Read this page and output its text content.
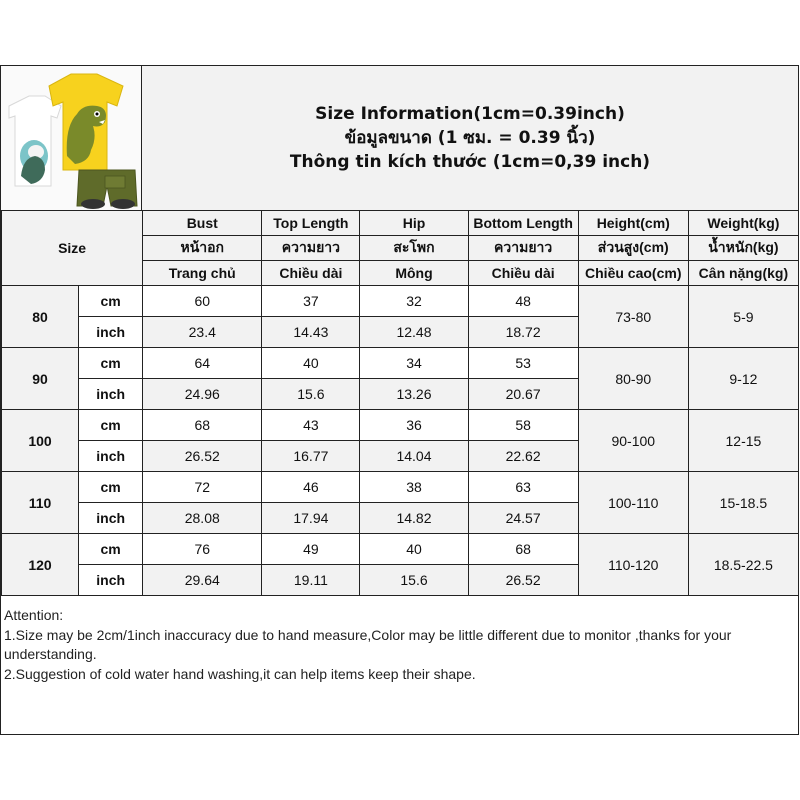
Size Information(1cm=0.39inch)
ข้อมูลขนาด (1 ซม. = 0.39 นิ้ว)
Thông tin kích thước (1cm=0,39 inch)
Size		Bust	Top Length	Hip	Bottom Length	Height(cm)	Weight(kg)
		หน้าอก	ความยาว	สะโพก	ความยาว	ส่วนสูง(cm)	น้ำหนัก(kg)
		Trang chủ	Chiều dài	Mông	Chiều dài	Chiều cao(cm)	Cân nặng(kg)
80	cm	60	37	32	48	73-80	5-9
	inch	23.4	14.43	12.48	18.72		
90	cm	64	40	34	53	80-90	9-12
	inch	24.96	15.6	13.26	20.67		
100	cm	68	43	36	58	90-100	12-15
	inch	26.52	16.77	14.04	22.62		
110	cm	72	46	38	63	100-110	15-18.5
	inch	28.08	17.94	14.82	24.57		
120	cm	76	49	40	68	110-120	18.5-22.5
	inch	29.64	19.11	15.6	26.52		
Attention:
1.Size may be 2cm/1inch inaccuracy due to hand measure,Color may be little different due to monitor ,thanks for your
understanding.
2.Suggestion of cold water hand washing,it can help items keep their shape.
